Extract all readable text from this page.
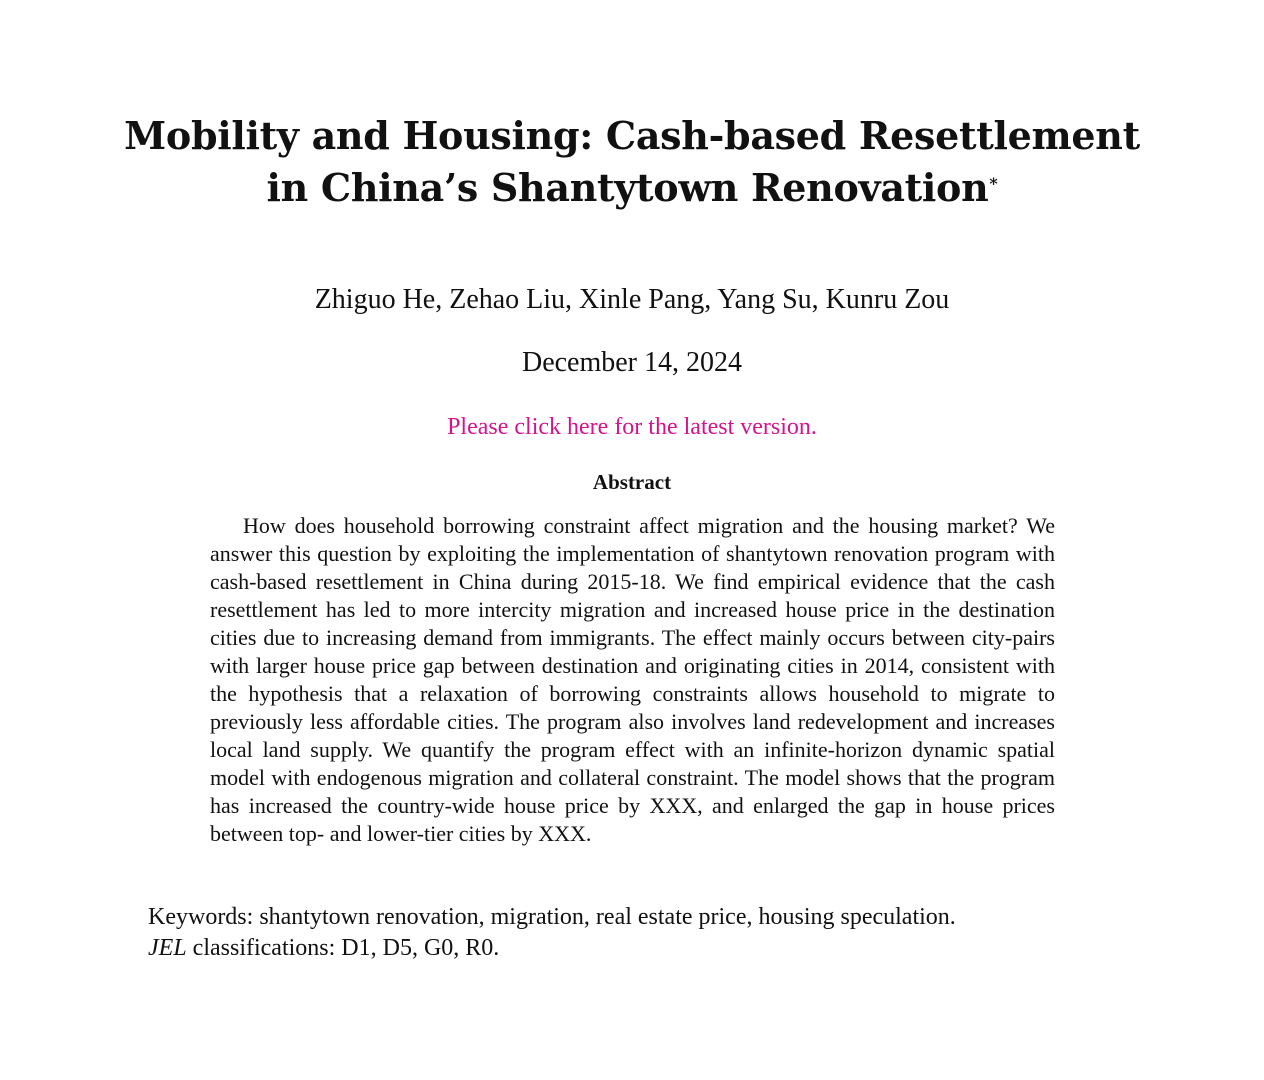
Mobility and Housing: Cash-based Resettlement
in China’s Shantytown Renovation*
Zhiguo He, Zehao Liu, Xinle Pang, Yang Su, Kunru Zou
December 14, 2024
Please click here for the latest version.
Abstract

How does household borrowing constraint affect migration and the housing market? We answer this question by exploiting the implementation of shantytown renovation program with cash-based resettlement in China during 2015-18. We find empirical evidence that the cash resettlement has led to more intercity migration and increased house price in the destination cities due to increasing demand from immigrants. The effect mainly occurs between city-pairs with larger house price gap between destination and originating cities in 2014, consistent with the hypothesis that a relaxation of borrowing constraints allows household to migrate to previously less affordable cities. The program also involves land redevelopment and increases local land supply. We quantify the program effect with an infinite-horizon dynamic spatial model with endogenous migration and collateral constraint. The model shows that the program has increased the country-wide house price by XXX, and enlarged the gap in house prices between top- and lower-tier cities by XXX.

Keywords: shantytown renovation, migration, real estate price, housing speculation.
JEL classifications: D1, D5, G0, R0.
